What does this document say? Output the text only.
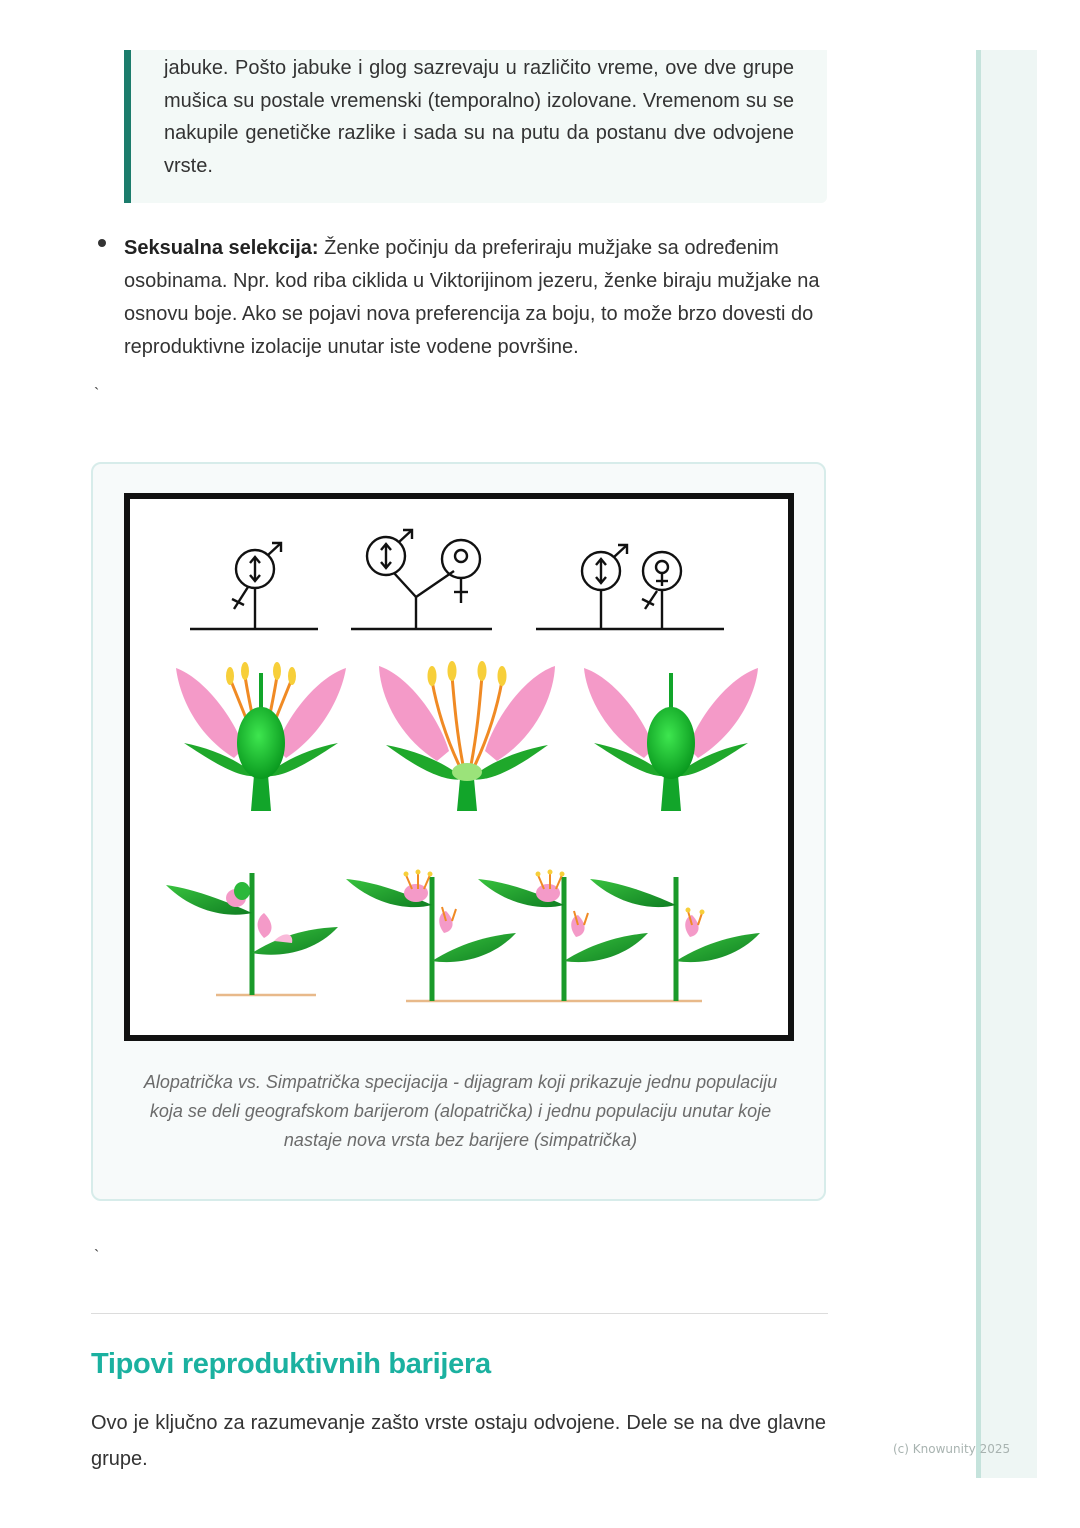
(c) Knowunity 2025

jabuke. Pošto jabuke i glog sazrevaju u različito vreme, ove dve grupe mušica su postale vremenski (temporalno) izolovane. Vremenom su se nakupile genetičke razlike i sada su na putu da postanu dve odvojene vrste.

Seksualna selekcija: Ženke počinju da preferiraju mužjake sa određenim osobinama. Npr. kod riba ciklida u Viktorijinom jezeru, ženke biraju mužjake na osnovu boje. Ako se pojavi nova preferencija za boju, to može brzo dovesti do reproduktivne izolacije unutar iste vodene površine.
`
Alopatrička vs. Simpatrička specijacija - dijagram koji prikazuje jednu populaciju koja se deli geografskom barijerom (alopatrička) i jednu populaciju unutar koje nastaje nova vrsta bez barijere (simpatrička)
`
Tipovi reproduktivnih barijera

Ovo je ključno za razumevanje zašto vrste ostaju odvojene. Dele se na dve glavne grupe.
